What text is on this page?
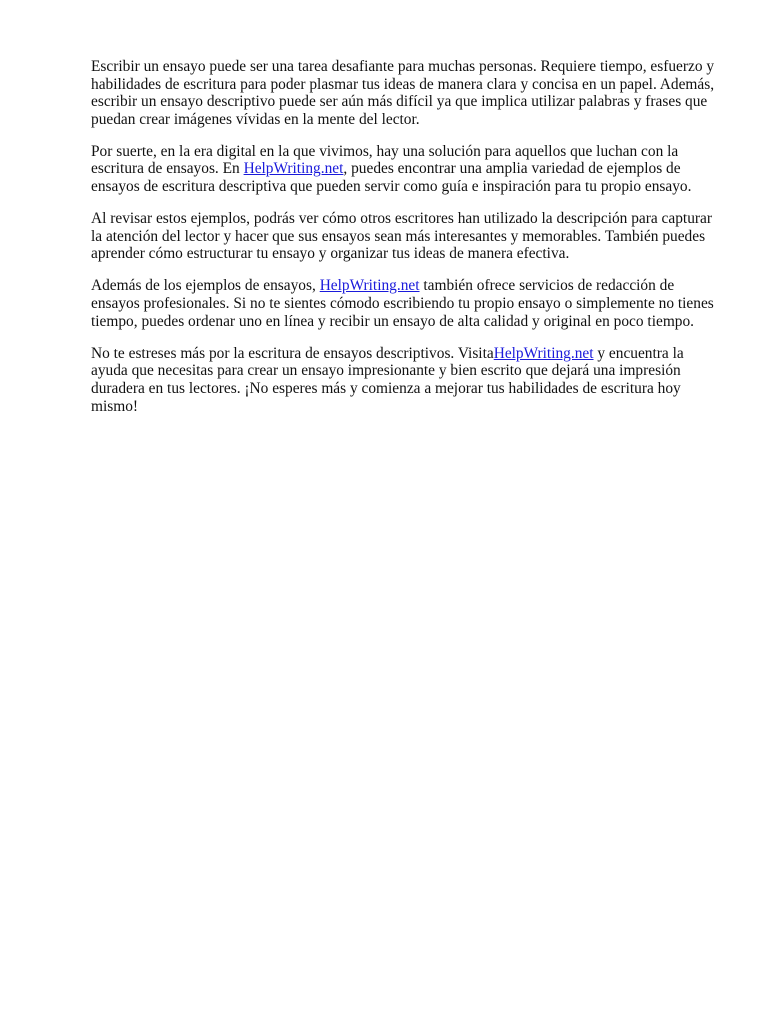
Escribir un ensayo puede ser una tarea desafiante para muchas personas. Requiere tiempo, esfuerzo y habilidades de escritura para poder plasmar tus ideas de manera clara y concisa en un papel. Además, escribir un ensayo descriptivo puede ser aún más difícil ya que implica utilizar palabras y frases que puedan crear imágenes vívidas en la mente del lector.

Por suerte, en la era digital en la que vivimos, hay una solución para aquellos que luchan con la escritura de ensayos. En HelpWriting.net, puedes encontrar una amplia variedad de ejemplos de ensayos de escritura descriptiva que pueden servir como guía e inspiración para tu propio ensayo.

Al revisar estos ejemplos, podrás ver cómo otros escritores han utilizado la descripción para capturar la atención del lector y hacer que sus ensayos sean más interesantes y memorables. También puedes aprender cómo estructurar tu ensayo y organizar tus ideas de manera efectiva.

Además de los ejemplos de ensayos, HelpWriting.net también ofrece servicios de redacción de ensayos profesionales. Si no te sientes cómodo escribiendo tu propio ensayo o simplemente no tienes tiempo, puedes ordenar uno en línea y recibir un ensayo de alta calidad y original en poco tiempo.

No te estreses más por la escritura de ensayos descriptivos. VisitaHelpWriting.net y encuentra la ayuda que necesitas para crear un ensayo impresionante y bien escrito que dejará una impresión duradera en tus lectores. ¡No esperes más y comienza a mejorar tus habilidades de escritura hoy mismo!
